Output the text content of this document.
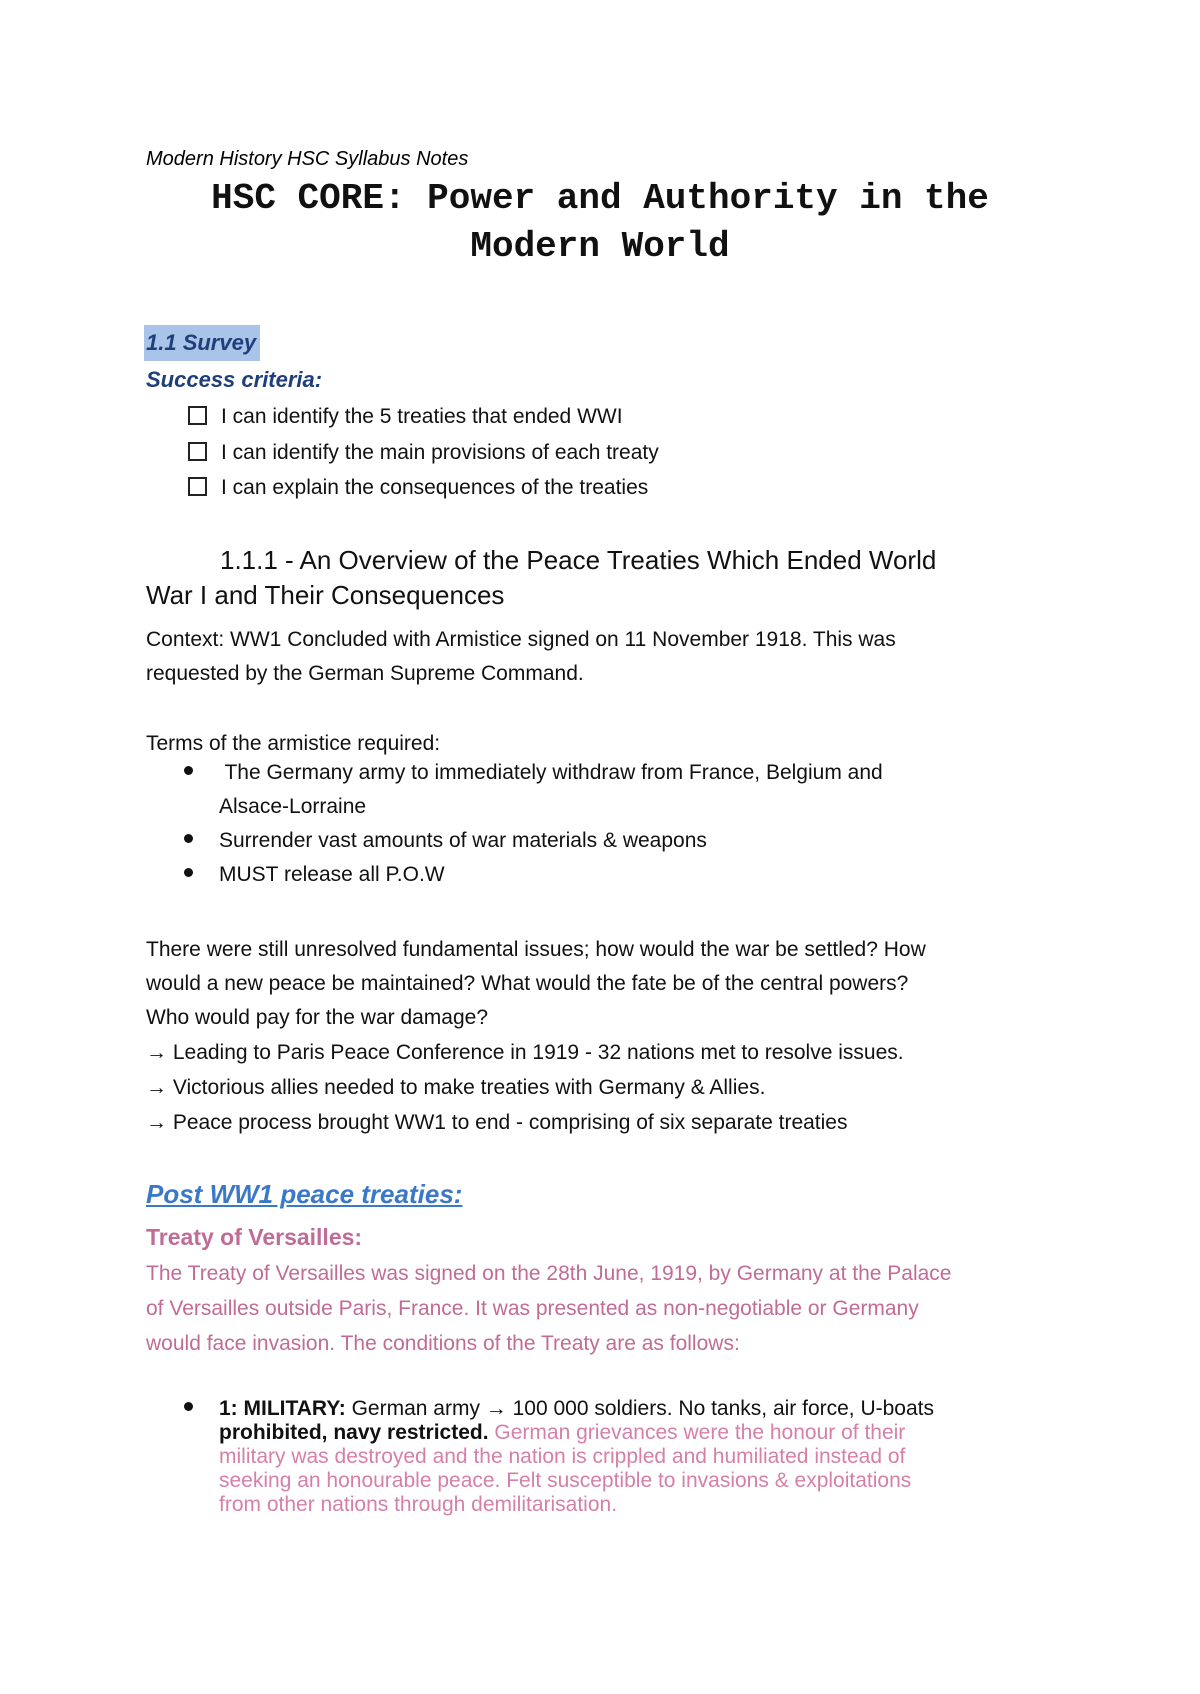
Modern History HSC Syllabus Notes
HSC CORE: Power and Authority in the
Modern World
1.1 Survey
Success criteria:
I can identify the 5 treaties that ended WWI
I can identify the main provisions of each treaty
I can explain the consequences of the treaties
1.1.1 - An Overview of the Peace Treaties Which Ended World
War I and Their Consequences
Context: WW1 Concluded with Armistice signed on 11 November 1918. This was
requested by the German Supreme Command.
Terms of the armistice required:
The Germany army to immediately withdraw from France, Belgium and
Alsace-Lorraine
Surrender vast amounts of war materials & weapons
MUST release all P.O.W
There were still unresolved fundamental issues; how would the war be settled? How
would a new peace be maintained? What would the fate be of the central powers?
Who would pay for the war damage?
→ Leading to Paris Peace Conference in 1919 - 32 nations met to resolve issues.
→ Victorious allies needed to make treaties with Germany & Allies.
→ Peace process brought WW1 to end - comprising of six separate treaties
Post WW1 peace treaties:
Treaty of Versailles:
The Treaty of Versailles was signed on the 28th June, 1919, by Germany at the Palace
of Versailles outside Paris, France. It was presented as non-negotiable or Germany
would face invasion. The conditions of the Treaty are as follows:
1: MILITARY: German army → 100 000 soldiers. No tanks, air force, U-boats
prohibited, navy restricted. German grievances were the honour of their
military was destroyed and the nation is crippled and humiliated instead of
seeking an honourable peace. Felt susceptible to invasions & exploitations
from other nations through demilitarisation.
